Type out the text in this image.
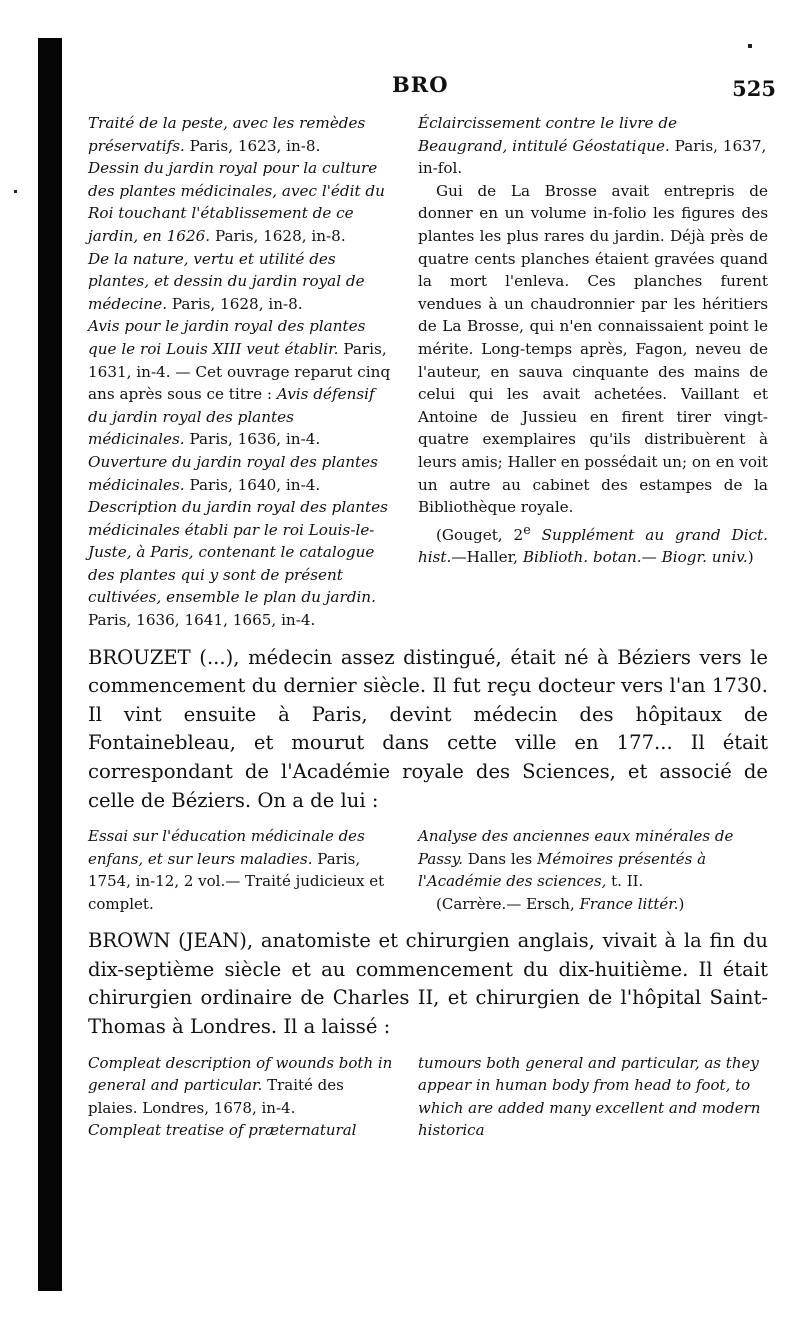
BRO	525

Traité de la peste, avec les remèdes préservatifs. Paris, 1623, in-8.

Dessin du jardin royal pour la culture des plantes médicinales, avec l'édit du Roi touchant l'établissement de ce jardin, en 1626. Paris, 1628, in-8.

De la nature, vertu et utilité des plantes, et dessin du jardin royal de médecine. Paris, 1628, in-8.

Avis pour le jardin royal des plantes que le roi Louis XIII veut établir. Paris, 1631, in-4. — Cet ouvrage reparut cinq ans après sous ce titre : Avis défensif du jardin royal des plantes médicinales. Paris, 1636, in-4.

Ouverture du jardin royal des plantes médicinales. Paris, 1640, in-4.

Description du jardin royal des plantes médicinales établi par le roi Louis-le-Juste, à Paris, contenant le catalogue des plantes qui y sont de présent cultivées, ensemble le plan du jardin. Paris, 1636, 1641, 1665, in-4.

Éclaircissement contre le livre de Beaugrand, intitulé Géostatique. Paris, 1637, in-fol.

Gui de La Brosse avait entrepris de donner en un volume in-folio les figures des plantes les plus rares du jardin. Déjà près de quatre cents planches étaient gravées quand la mort l'enleva. Ces planches furent vendues à un chaudronnier par les héritiers de La Brosse, qui n'en connaissaient point le mérite. Long-temps après, Fagon, neveu de l'auteur, en sauva cinquante des mains de celui qui les avait achetées. Vaillant et Antoine de Jussieu en firent tirer vingt-quatre exemplaires qu'ils distribuèrent à leurs amis; Haller en possédait un; on en voit un autre au cabinet des estampes de la Bibliothèque royale.

(Gouget, 2e Supplément au grand Dict. hist.—Haller, Biblioth. botan.— Biogr. univ.)

BROUZET (...), médecin assez distingué, était né à Béziers vers le commencement du dernier siècle. Il fut reçu docteur vers l'an 1730. Il vint ensuite à Paris, devint médecin des hôpitaux de Fontainebleau, et mourut dans cette ville en 177... Il était correspondant de l'Académie royale des Sciences, et associé de celle de Béziers. On a de lui :

Essai sur l'éducation médicinale des enfans, et sur leurs maladies. Paris, 1754, in-12, 2 vol.— Traité judicieux et complet.

Analyse des anciennes eaux minérales de Passy. Dans les Mémoires présentés à l'Académie des sciences, t. II.

(Carrère.— Ersch, France littér.)

BROWN (JEAN), anatomiste et chirurgien anglais, vivait à la fin du dix-septième siècle et au commencement du dix-huitième. Il était chirurgien ordinaire de Charles II, et chirurgien de l'hôpital Saint-Thomas à Londres. Il a laissé :

Compleat description of wounds both in general and particular. Traité des plaies. Londres, 1678, in-4.

Compleat treatise of præternatural

tumours both general and particular, as they appear in human body from head to foot, to which are added many excellent and modern historica
